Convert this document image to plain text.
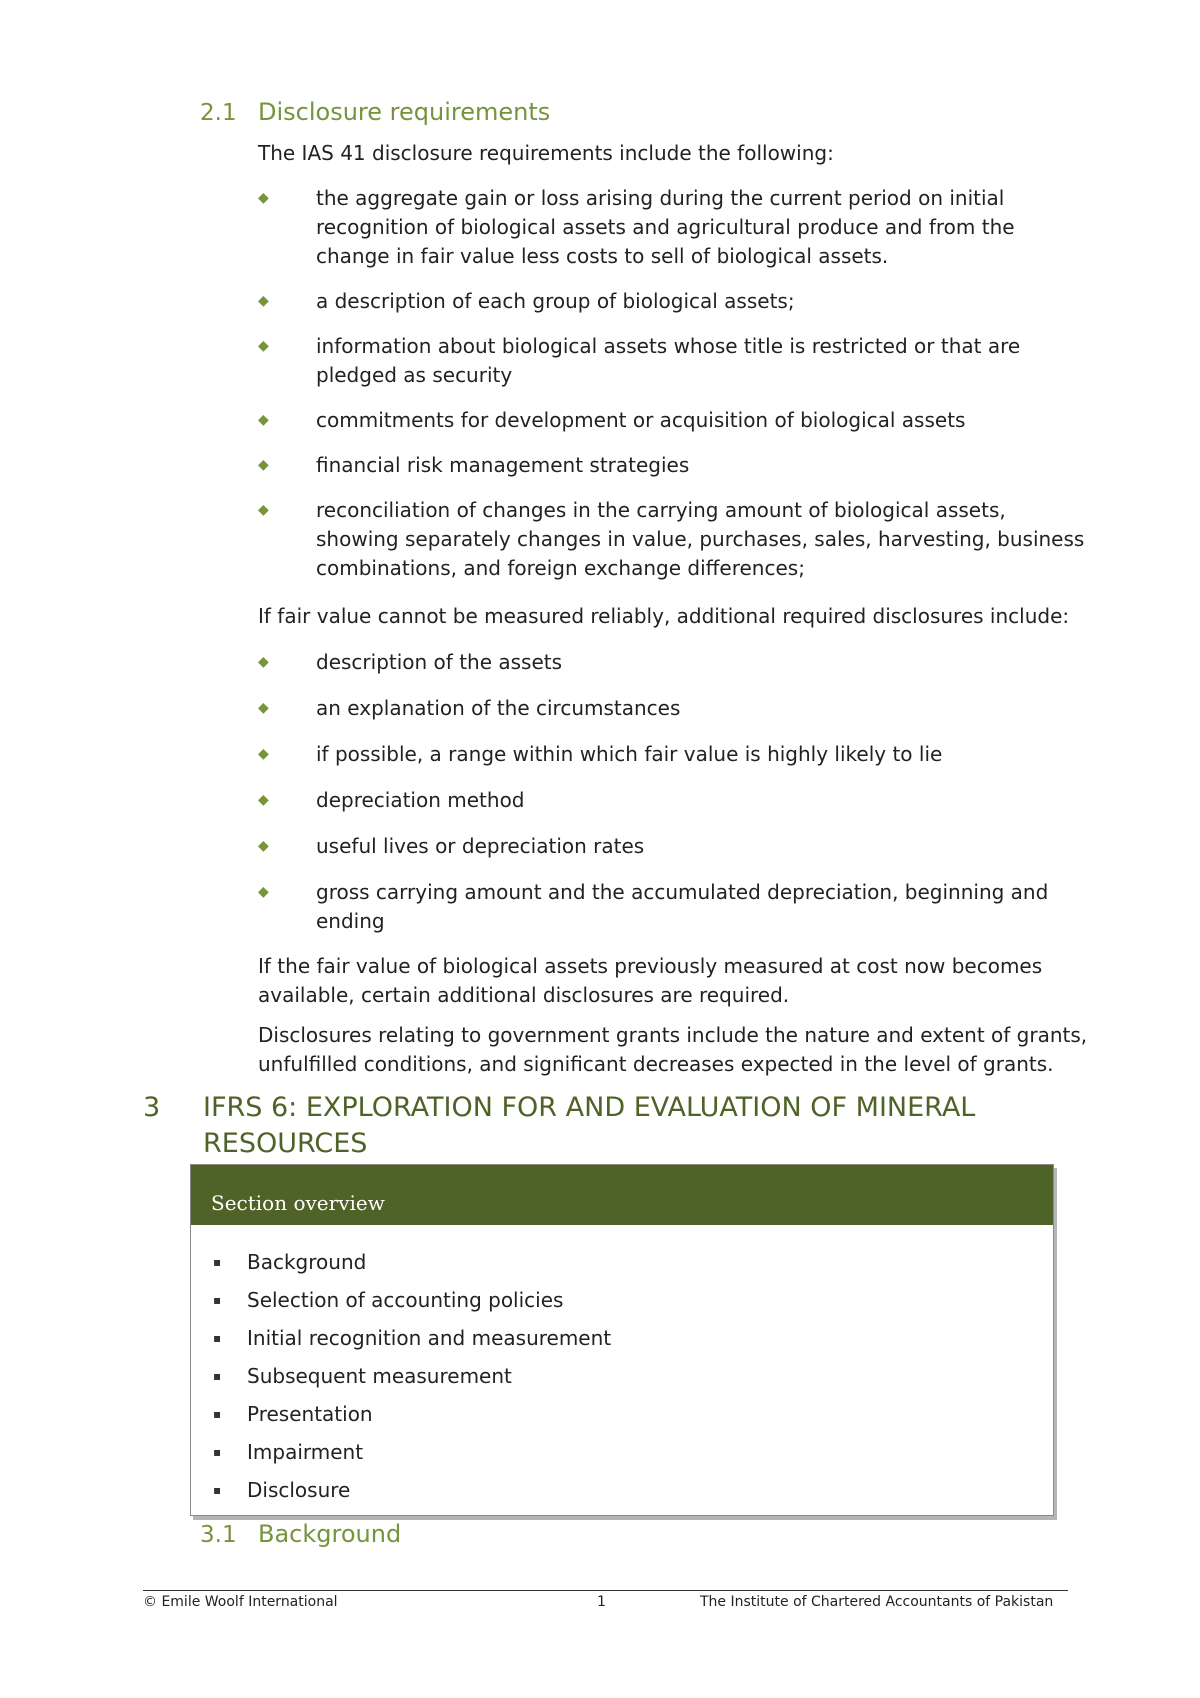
2.1 Disclosure requirements
The IAS 41 disclosure requirements include the following:
◆ the aggregate gain or loss arising during the current period on initial recognition of biological assets and agricultural produce and from the change in fair value less costs to sell of biological assets.
◆ a description of each group of biological assets;
◆ information about biological assets whose title is restricted or that are pledged as security
◆ commitments for development or acquisition of biological assets
◆ financial risk management strategies
◆ reconciliation of changes in the carrying amount of biological assets, showing separately changes in value, purchases, sales, harvesting, business combinations, and foreign exchange differences;
If fair value cannot be measured reliably, additional required disclosures include:
◆ description of the assets
◆ an explanation of the circumstances
◆ if possible, a range within which fair value is highly likely to lie
◆ depreciation method
◆ useful lives or depreciation rates
◆ gross carrying amount and the accumulated depreciation, beginning and ending
If the fair value of biological assets previously measured at cost now becomes available, certain additional disclosures are required.
Disclosures relating to government grants include the nature and extent of grants, unfulfilled conditions, and significant decreases expected in the level of grants.
3 IFRS 6: EXPLORATION FOR AND EVALUATION OF MINERAL RESOURCES
Section overview
▪ Background
▪ Selection of accounting policies
▪ Initial recognition and measurement
▪ Subsequent measurement
▪ Presentation
▪ Impairment
▪ Disclosure
3.1 Background
© Emile Woolf International	1	The Institute of Chartered Accountants of Pakistan
